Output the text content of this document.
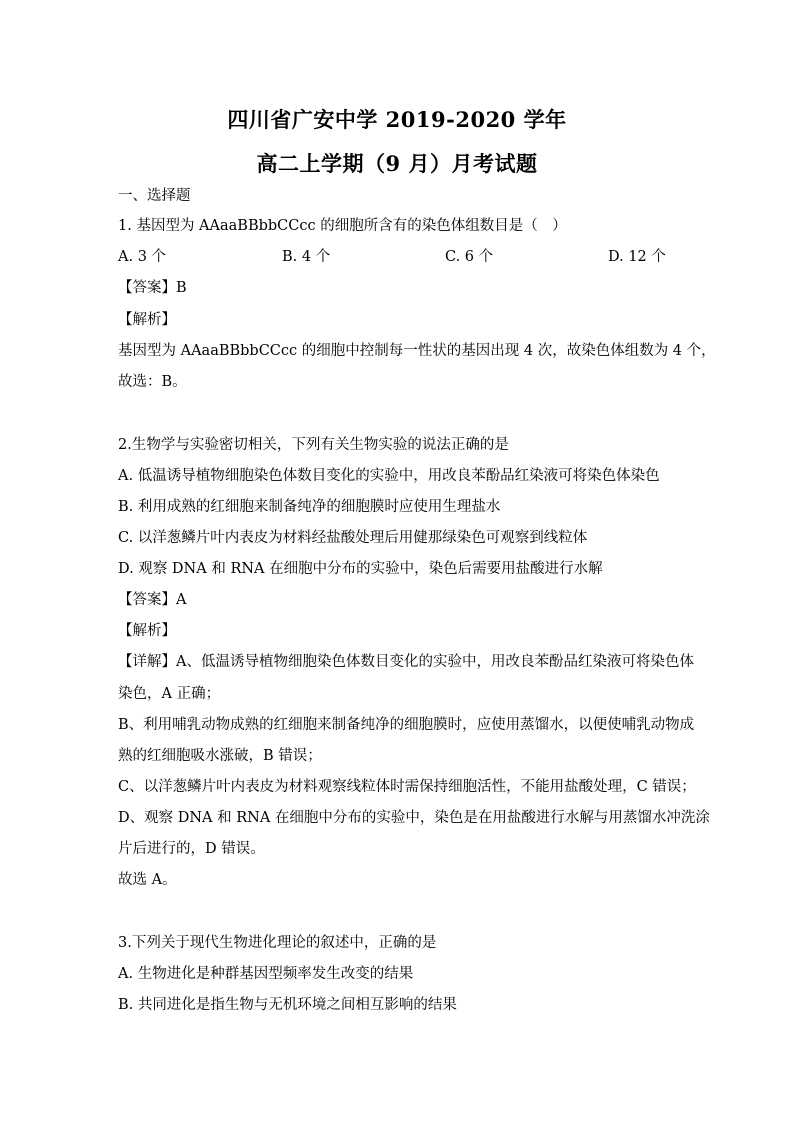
四川省广安中学 2019-2020 学年
高二上学期（9 月）月考试题
一、选择题
1. 基因型为 AAaaBBbbCCcc 的细胞所含有的染色体组数目是（　）
A. 3 个	B. 4 个	C. 6 个	D. 12 个
【答案】B
【解析】
基因型为 AAaaBBbbCCcc 的细胞中控制每一性状的基因出现 4 次，故染色体组数为 4 个，
故选：B。
2.生物学与实验密切相关，下列有关生物实验的说法正确的是
A. 低温诱导植物细胞染色体数目变化的实验中，用改良苯酚品红染液可将染色体染色
B. 利用成熟的红细胞来制备纯净的细胞膜时应使用生理盐水
C. 以洋葱鳞片叶内表皮为材料经盐酸处理后用健那绿染色可观察到线粒体
D. 观察 DNA 和 RNA 在细胞中分布的实验中，染色后需要用盐酸进行水解
【答案】A
【解析】
【详解】A、低温诱导植物细胞染色体数目变化的实验中，用改良苯酚品红染液可将染色体
染色，A 正确；
B、利用哺乳动物成熟的红细胞来制备纯净的细胞膜时，应使用蒸馏水，以便使哺乳动物成
熟的红细胞吸水涨破，B 错误；
C、以洋葱鳞片叶内表皮为材料观察线粒体时需保持细胞活性，不能用盐酸处理，C 错误；
D、观察 DNA 和 RNA 在细胞中分布的实验中，染色是在用盐酸进行水解与用蒸馏水冲洗涂
片后进行的，D 错误。
故选 A。
3.下列关于现代生物进化理论的叙述中，正确的是
A. 生物进化是种群基因型频率发生改变的结果
B. 共同进化是指生物与无机环境之间相互影响的结果
